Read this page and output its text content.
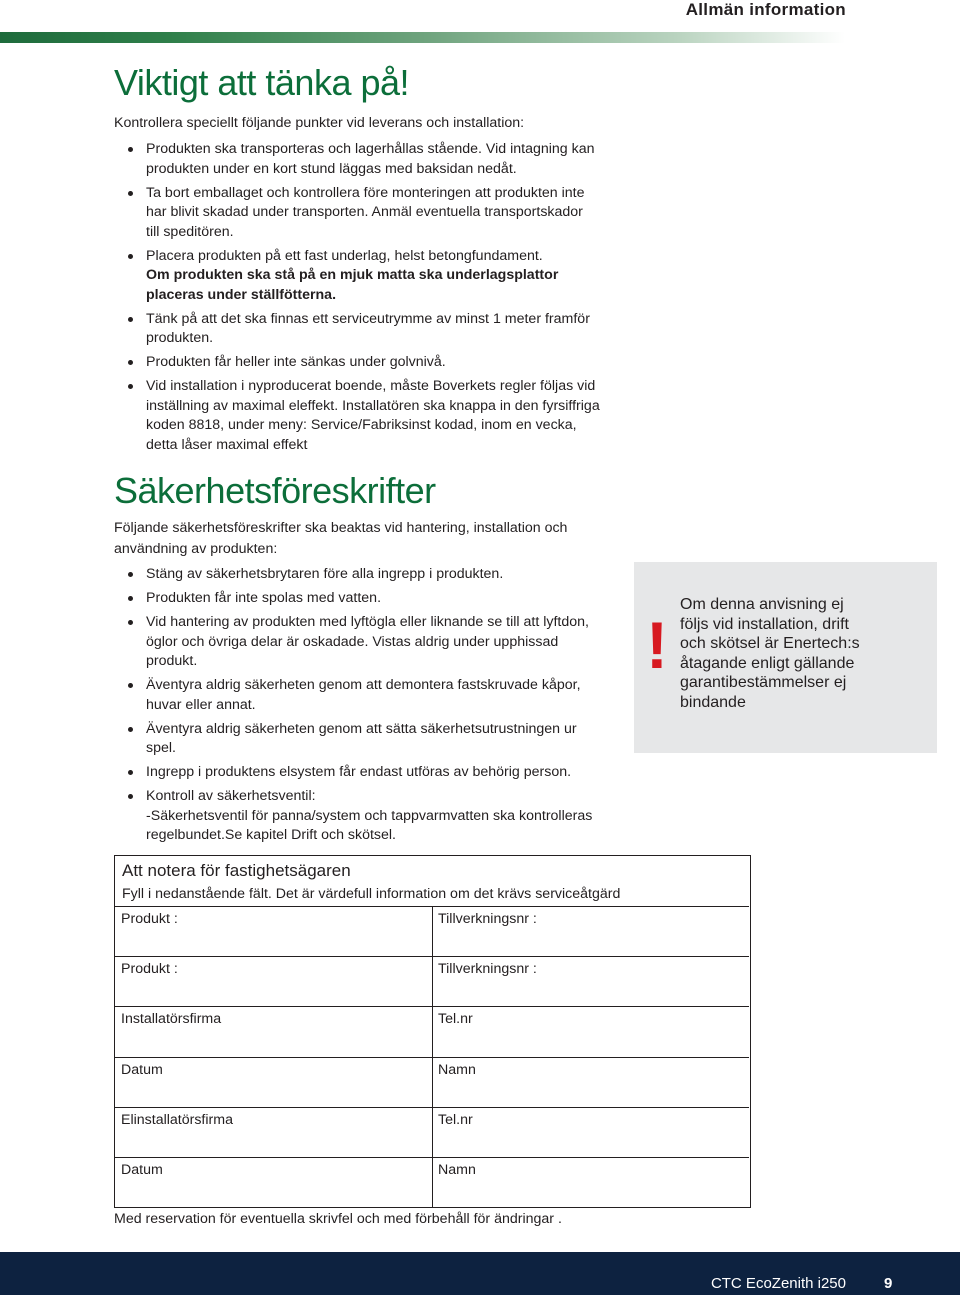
Allmän information
Viktigt att tänka på!

Kontrollera speciellt följande punkter vid leverans och installation:

Produkten ska transporteras och lagerhållas stående. Vid intagning kan
produkten under en kort stund läggas med baksidan nedåt.
Ta bort emballaget och kontrollera före monteringen att produkten inte
har blivit skadad under transporten. Anmäl eventuella transportskador
till speditören.
Placera produkten på ett fast underlag, helst betongfundament.
Om produkten ska stå på en mjuk matta ska underlagsplattor
placeras under ställfötterna.
Tänk på att det ska finnas ett serviceutrymme av minst 1 meter framför
produkten.
Produkten får heller inte sänkas under golvnivå.
Vid installation i nyproducerat boende, måste Boverkets regler följas vid
inställning av maximal eleffekt. Installatören ska knappa in den fyrsiffriga
koden 8818, under meny: Service/Fabriksinst kodad, inom en vecka,
detta låser maximal effekt
Säkerhetsföreskrifter

Följande säkerhetsföreskrifter ska beaktas vid hantering, installation och
användning av produkten:

Stäng av säkerhetsbrytaren före alla ingrepp i produkten.
Produkten får inte spolas med vatten.
Vid hantering av produkten med lyftögla eller liknande se till att lyftdon,
öglor och övriga delar är oskadade. Vistas aldrig under upphissad
produkt.
Äventyra aldrig säkerheten genom att demontera fastskruvade kåpor,
huvar eller annat.
Äventyra aldrig säkerheten genom att sätta säkerhetsutrustningen ur
spel.
Ingrepp i produktens elsystem får endast utföras av behörig person.
Kontroll av säkerhetsventil:
-Säkerhetsventil för panna/system och tappvarmvatten ska kontrolleras
regelbundet.Se kapitel Drift och skötsel.
!
Om denna anvisning ej
följs vid installation, drift
och skötsel är Enertech:s
åtagande enligt gällande
garantibestämmelser ej
bindande
Att notera för fastighetsägaren
Fyll i nedanstående fält. Det är värdefull information om det krävs serviceåtgärd
Produkt :	Tillverkningsnr :
Produkt :	Tillverkningsnr :
Installatörsfirma	Tel.nr
Datum	Namn
Elinstallatörsfirma	Tel.nr
Datum	Namn
Med reservation för eventuella skrivfel och med förbehåll för ändringar .
CTC EcoZenith i250	9
